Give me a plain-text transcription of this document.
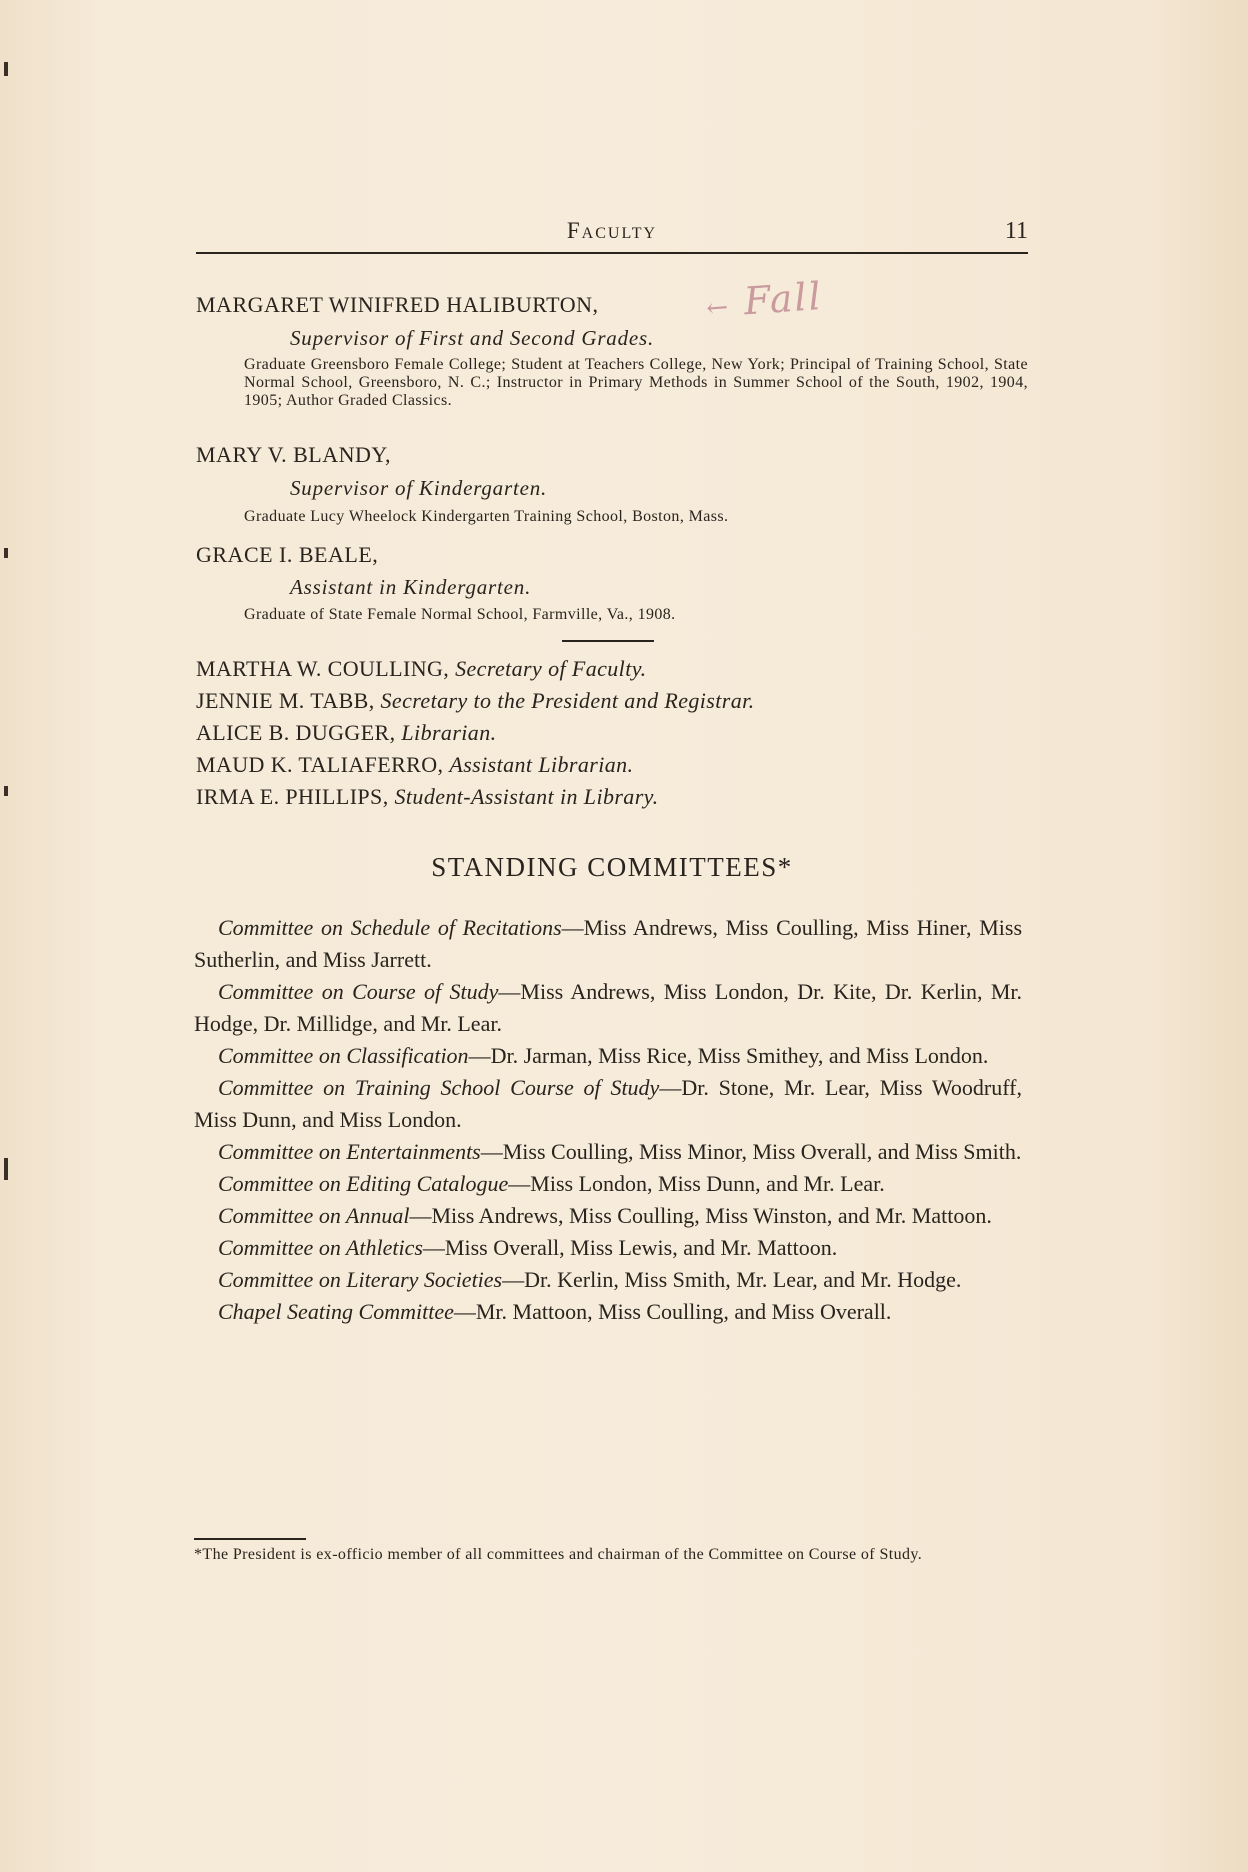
Faculty	11
← Fall
MARGARET WINIFRED HALIBURTON,
Supervisor of First and Second Grades.
Graduate Greensboro Female College; Student at Teachers College, New York; Principal of Training School, State Normal School, Greensboro, N. C.; Instructor in Primary Methods in Summer School of the South, 1902, 1904, 1905; Author Graded Classics.
MARY V. BLANDY,
Supervisor of Kindergarten.
Graduate Lucy Wheelock Kindergarten Training School, Boston, Mass.
GRACE I. BEALE,
Assistant in Kindergarten.
Graduate of State Female Normal School, Farmville, Va., 1908.
MARTHA W. COULLING, Secretary of Faculty.
JENNIE M. TABB, Secretary to the President and Registrar.
ALICE B. DUGGER, Librarian.
MAUD K. TALIAFERRO, Assistant Librarian.
IRMA E. PHILLIPS, Student-Assistant in Library.
STANDING COMMITTEES*

Committee on Schedule of Recitations—Miss Andrews, Miss Coulling, Miss Hiner, Miss Sutherlin, and Miss Jarrett.

Committee on Course of Study—Miss Andrews, Miss London, Dr. Kite, Dr. Kerlin, Mr. Hodge, Dr. Millidge, and Mr. Lear.

Committee on Classification—Dr. Jarman, Miss Rice, Miss Smithey, and Miss London.

Committee on Training School Course of Study—Dr. Stone, Mr. Lear, Miss Woodruff, Miss Dunn, and Miss London.

Committee on Entertainments—Miss Coulling, Miss Minor, Miss Overall, and Miss Smith.

Committee on Editing Catalogue—Miss London, Miss Dunn, and Mr. Lear.

Committee on Annual—Miss Andrews, Miss Coulling, Miss Winston, and Mr. Mattoon.

Committee on Athletics—Miss Overall, Miss Lewis, and Mr. Mattoon.

Committee on Literary Societies—Dr. Kerlin, Miss Smith, Mr. Lear, and Mr. Hodge.

Chapel Seating Committee—Mr. Mattoon, Miss Coulling, and Miss Overall.

*The President is ex-officio member of all committees and chairman of the Committee on Course of Study.
